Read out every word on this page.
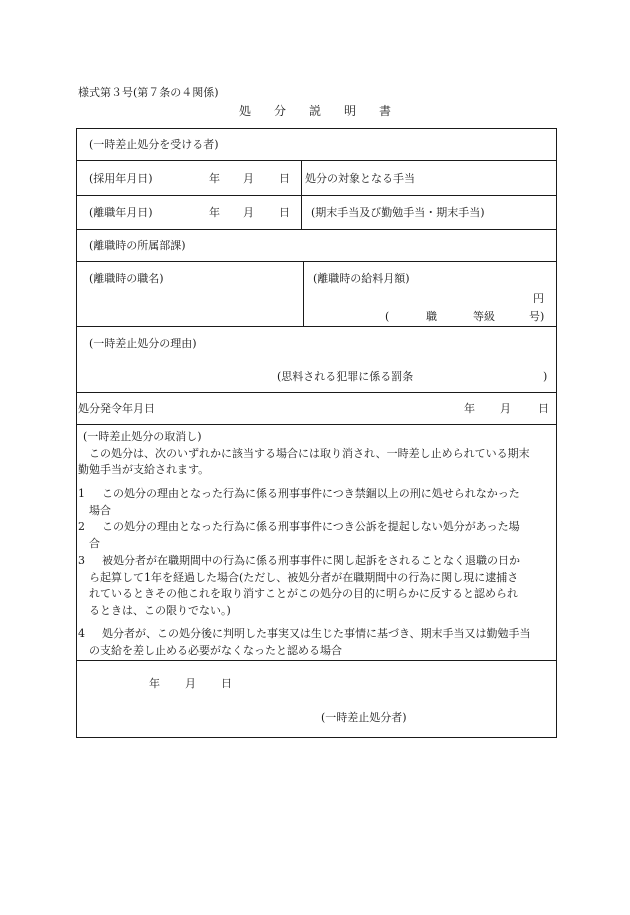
様式第３号(第７条の４関係)
処分説明書
(一時差止処分を受ける者)
(採用年月日)	年 月 日 処分の対象となる手当
(離職年月日)	年 月 日 (期末手当及び勤勉手当・期末手当)
(離職時の所属部課)
(離職時の職名)	(離職時の給料月額)
円
(	職	等級	号)
(一時差止処分の理由)
(思料される犯罪に係る罰条	)
処分発令年月日	年 月 日
(一時差止処分の取消し)
この処分は、次のいずれかに該当する場合には取り消され、一時差し止められている期末
勤勉手当が支給されます。
1 この処分の理由となった行為に係る刑事事件につき禁錮以上の刑に処せられなかった
場合
2 この処分の理由となった行為に係る刑事事件につき公訴を提起しない処分があった場
合
3 被処分者が在職期間中の行為に係る刑事事件に関し起訴をされることなく退職の日か
ら起算して1年を経過した場合(ただし、被処分者が在職期間中の行為に関し現に逮捕さ
れているときその他これを取り消すことがこの処分の目的に明らかに反すると認められ
るときは、この限りでない。)
4 処分者が、この処分後に判明した事実又は生じた事情に基づき、期末手当又は勤勉手当
の支給を差し止める必要がなくなったと認める場合
年 月 日
(一時差止処分者)
